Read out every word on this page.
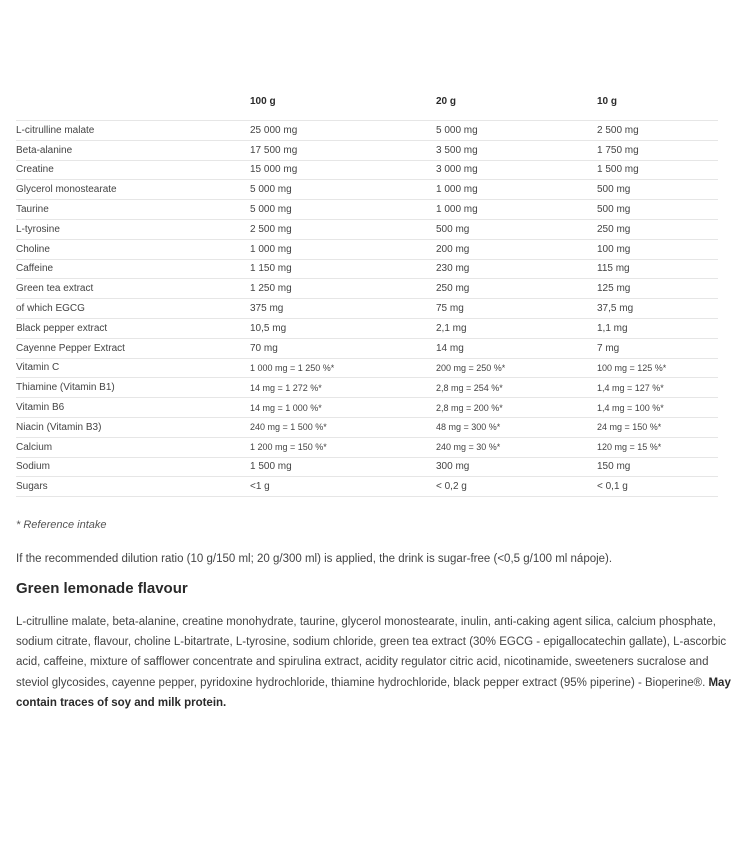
	100 g	20 g	10 g
L-citrulline malate	25 000 mg	5 000 mg	2 500 mg
Beta-alanine	17 500 mg	3 500 mg	1 750 mg
Creatine	15 000 mg	3 000 mg	1 500 mg
Glycerol monostearate	5 000 mg	1 000 mg	500 mg
Taurine	5 000 mg	1 000 mg	500 mg
L-tyrosine	2 500 mg	500 mg	250 mg
Choline	1 000 mg	200 mg	100 mg
Caffeine	1 150 mg	230 mg	115 mg
Green tea extract	1 250 mg	250 mg	125 mg
of which EGCG	375 mg	75 mg	37,5 mg
Black pepper extract	10,5 mg	2,1 mg	1,1 mg
Cayenne Pepper Extract	70 mg	14 mg	7 mg
Vitamin C	1 000 mg = 1 250 %*	200 mg = 250 %*	100 mg = 125 %*
Thiamine (Vitamin B1)	14 mg = 1 272 %*	2,8 mg = 254 %*	1,4 mg = 127 %*
Vitamin B6	14 mg = 1 000 %*	2,8 mg = 200 %*	1,4 mg = 100 %*
Niacin (Vitamin B3)	240 mg = 1 500 %*	48 mg = 300 %*	24 mg = 150 %*
Calcium	1 200 mg = 150 %*	240 mg = 30 %*	120 mg = 15 %*
Sodium	1 500 mg	300 mg	150 mg
Sugars	<1 g	< 0,2 g	< 0,1 g
* Reference intake
If the recommended dilution ratio (10 g/150 ml; 20 g/300 ml) is applied, the drink is sugar-free (<0,5 g/100 ml nápoje).
Green lemonade flavour
L-citrulline malate, beta-alanine, creatine monohydrate, taurine, glycerol monostearate, inulin, anti-caking agent silica, calcium phosphate, sodium citrate, flavour, choline L-bitartrate, L-tyrosine, sodium chloride, green tea extract (30% EGCG - epigallocatechin gallate), L-ascorbic acid, caffeine, mixture of safflower concentrate and spirulina extract, acidity regulator citric acid, nicotinamide, sweeteners sucralose and steviol glycosides, cayenne pepper, pyridoxine hydrochloride, thiamine hydrochloride, black pepper extract (95% piperine) - Bioperine®. May contain traces of soy and milk protein.
